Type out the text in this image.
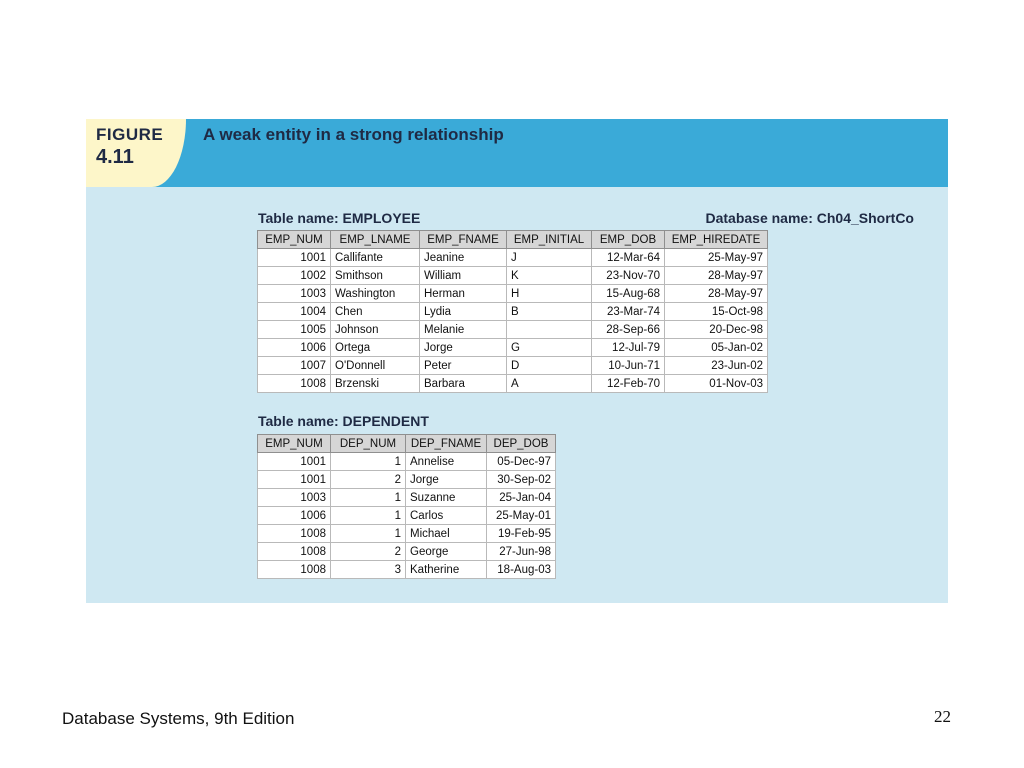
FIGURE
4.11
A weak entity in a strong relationship
Table name: EMPLOYEE	Database name: Ch04_ShortCo
EMP_NUM	EMP_LNAME	EMP_FNAME	EMP_INITIAL	EMP_DOB	EMP_HIREDATE
1001	Callifante	Jeanine	J	12-Mar-64	25-May-97
1002	Smithson	William	K	23-Nov-70	28-May-97
1003	Washington	Herman	H	15-Aug-68	28-May-97
1004	Chen	Lydia	B	23-Mar-74	15-Oct-98
1005	Johnson	Melanie		28-Sep-66	20-Dec-98
1006	Ortega	Jorge	G	12-Jul-79	05-Jan-02
1007	O'Donnell	Peter	D	10-Jun-71	23-Jun-02
1008	Brzenski	Barbara	A	12-Feb-70	01-Nov-03
Table name: DEPENDENT
EMP_NUM	DEP_NUM	DEP_FNAME	DEP_DOB
1001	1	Annelise	05-Dec-97
1001	2	Jorge	30-Sep-02
1003	1	Suzanne	25-Jan-04
1006	1	Carlos	25-May-01
1008	1	Michael	19-Feb-95
1008	2	George	27-Jun-98
1008	3	Katherine	18-Aug-03
Database Systems, 9th Edition	22
